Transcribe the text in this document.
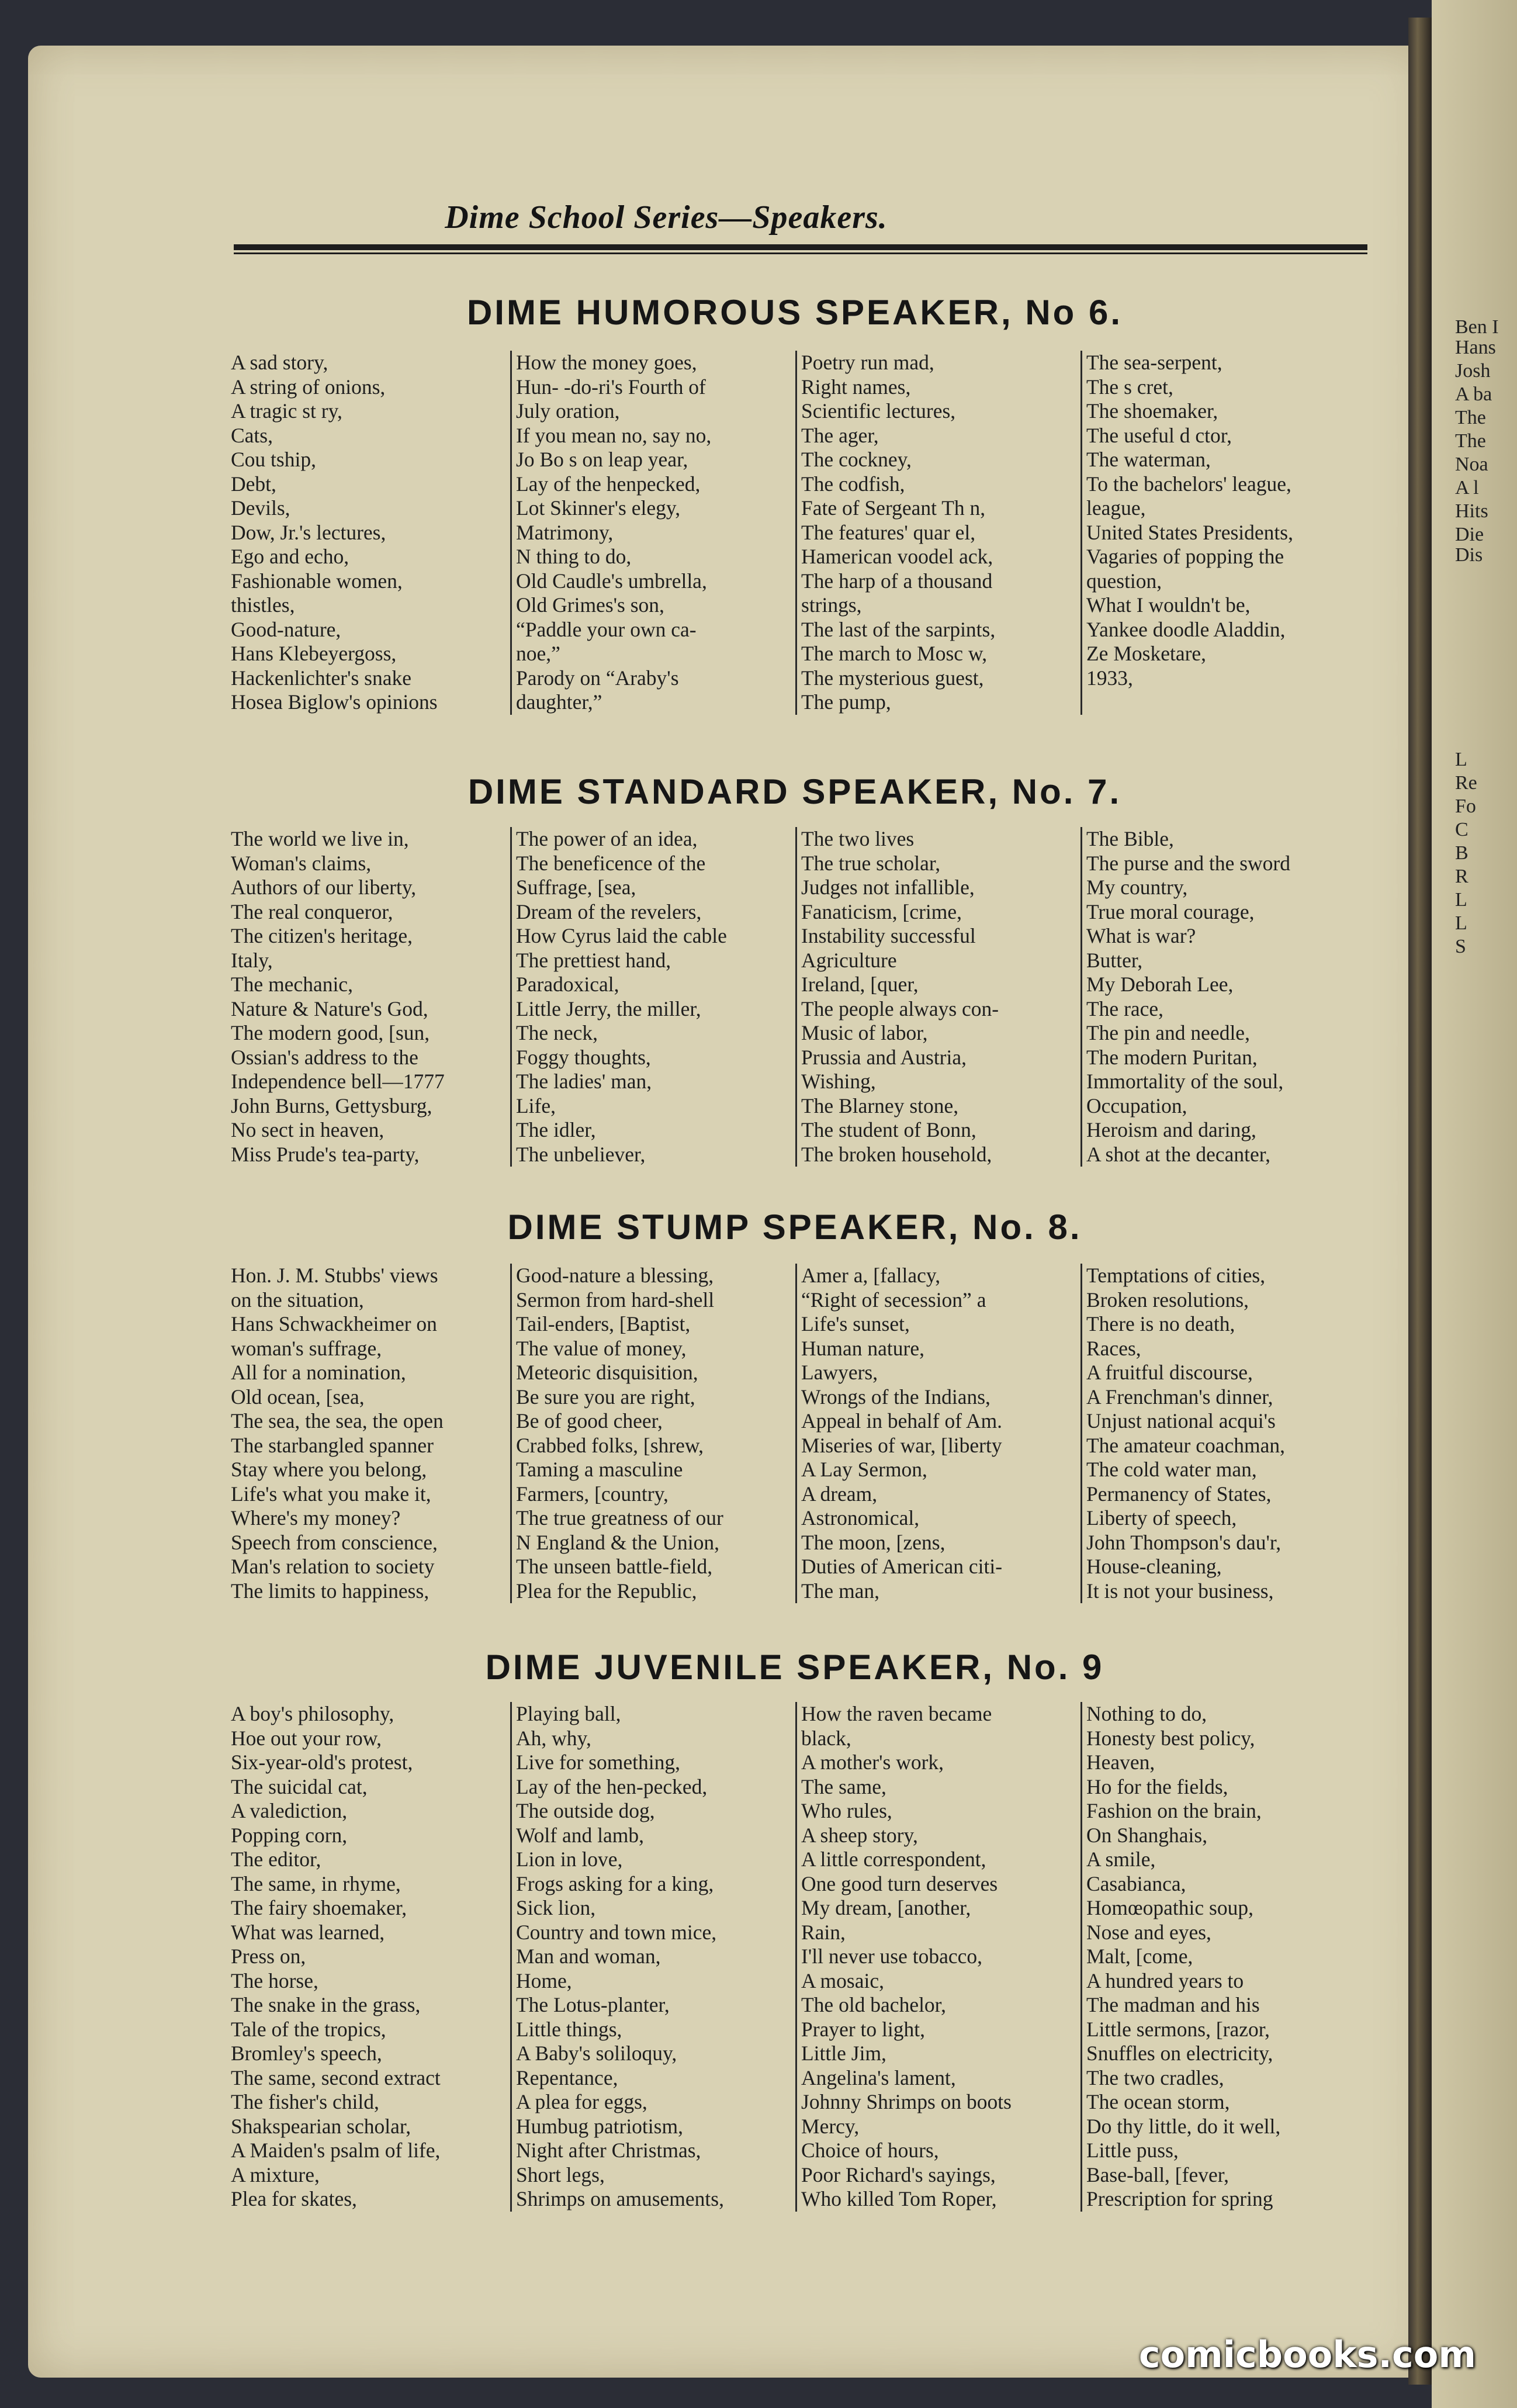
Ben I
Hans
Josh
A ba
The
The
Noa
A l
Hits
Die
Dis
L
Re
Fo
C
B
R
L
L
S
Dime School Series—Speakers.
DIME HUMOROUS SPEAKER, No 6.
A sad story,
A string of onions,
A tragic st ry,
Cats,
Cou tship,
Debt,
Devils,
Dow, Jr.'s lectures,
Ego and echo,
Fashionable women,
thistles,
Good-nature,
Hans Klebeyergoss,
Hackenlichter's snake
Hosea Biglow's opinions
How the money goes,
Hun- -do-ri's Fourth of
July oration,
If you mean no, say no,
Jo Bo s on leap year,
Lay of the henpecked,
Lot Skinner's elegy,
Matrimony,
N thing to do,
Old Caudle's umbrella,
Old Grimes's son,
“Paddle your own ca-
noe,”
Parody on “Araby's
daughter,”
Poetry run mad,
Right names,
Scientific lectures,
The ager,
The cockney,
The codfish,
Fate of Sergeant Th n,
The features' quar el,
Hamerican voodel ack,
The harp of a thousand
strings,
The last of the sarpints,
The march to Mosc w,
The mysterious guest,
The pump,
The sea-serpent,
The s cret,
The shoemaker,
The useful d ctor,
The waterman,
To the bachelors' league,
league,
United States Presidents,
Vagaries of popping the
question,
What I wouldn't be,
Yankee doodle Aladdin,
Ze Mosketare,
1933,
DIME STANDARD SPEAKER, No. 7.
The world we live in,
Woman's claims,
Authors of our liberty,
The real conqueror,
The citizen's heritage,
Italy,
The mechanic,
Nature & Nature's God,
The modern good, [sun,
Ossian's address to the
Independence bell—1777
John Burns, Gettysburg,
No sect in heaven,
Miss Prude's tea-party,
The power of an idea,
The beneficence of the
Suffrage, [sea,
Dream of the revelers,
How Cyrus laid the cable
The prettiest hand,
Paradoxical,
Little Jerry, the miller,
The neck,
Foggy thoughts,
The ladies' man,
Life,
The idler,
The unbeliever,
The two lives
The true scholar,
Judges not infallible,
Fanaticism, [crime,
Instability successful
Agriculture
Ireland, [quer,
The people always con-
Music of labor,
Prussia and Austria,
Wishing,
The Blarney stone,
The student of Bonn,
The broken household,
The Bible,
The purse and the sword
My country,
True moral courage,
What is war?
Butter,
My Deborah Lee,
The race,
The pin and needle,
The modern Puritan,
Immortality of the soul,
Occupation,
Heroism and daring,
A shot at the decanter,
DIME STUMP SPEAKER, No. 8.
Hon. J. M. Stubbs' views
on the situation,
Hans Schwackheimer on
woman's suffrage,
All for a nomination,
Old ocean, [sea,
The sea, the sea, the open
The starbangled spanner
Stay where you belong,
Life's what you make it,
Where's my money?
Speech from conscience,
Man's relation to society
The limits to happiness,
Good-nature a blessing,
Sermon from hard-shell
Tail-enders, [Baptist,
The value of money,
Meteoric disquisition,
Be sure you are right,
Be of good cheer,
Crabbed folks, [shrew,
Taming a masculine
Farmers, [country,
The true greatness of our
N England & the Union,
The unseen battle-field,
Plea for the Republic,
Amer a, [fallacy,
“Right of secession” a
Life's sunset,
Human nature,
Lawyers,
Wrongs of the Indians,
Appeal in behalf of Am.
Miseries of war, [liberty
A Lay Sermon,
A dream,
Astronomical,
The moon, [zens,
Duties of American citi-
The man,
Temptations of cities,
Broken resolutions,
There is no death,
Races,
A fruitful discourse,
A Frenchman's dinner,
Unjust national acqui's
The amateur coachman,
The cold water man,
Permanency of States,
Liberty of speech,
John Thompson's dau'r,
House-cleaning,
It is not your business,
DIME JUVENILE SPEAKER, No. 9
A boy's philosophy,
Hoe out your row,
Six-year-old's protest,
The suicidal cat,
A valediction,
Popping corn,
The editor,
The same, in rhyme,
The fairy shoemaker,
What was learned,
Press on,
The horse,
The snake in the grass,
Tale of the tropics,
Bromley's speech,
The same, second extract
The fisher's child,
Shakspearian scholar,
A Maiden's psalm of life,
A mixture,
Plea for skates,
Playing ball,
Ah, why,
Live for something,
Lay of the hen-pecked,
The outside dog,
Wolf and lamb,
Lion in love,
Frogs asking for a king,
Sick lion,
Country and town mice,
Man and woman,
Home,
The Lotus-planter,
Little things,
A Baby's soliloquy,
Repentance,
A plea for eggs,
Humbug patriotism,
Night after Christmas,
Short legs,
Shrimps on amusements,
How the raven became
black,
A mother's work,
The same,
Who rules,
A sheep story,
A little correspondent,
One good turn deserves
My dream, [another,
Rain,
I'll never use tobacco,
A mosaic,
The old bachelor,
Prayer to light,
Little Jim,
Angelina's lament,
Johnny Shrimps on boots
Mercy,
Choice of hours,
Poor Richard's sayings,
Who killed Tom Roper,
Nothing to do,
Honesty best policy,
Heaven,
Ho for the fields,
Fashion on the brain,
On Shanghais,
A smile,
Casabianca,
Homœopathic soup,
Nose and eyes,
Malt, [come,
A hundred years to
The madman and his
Little sermons, [razor,
Snuffles on electricity,
The two cradles,
The ocean storm,
Do thy little, do it well,
Little puss,
Base-ball, [fever,
Prescription for spring
comicbooks.com
